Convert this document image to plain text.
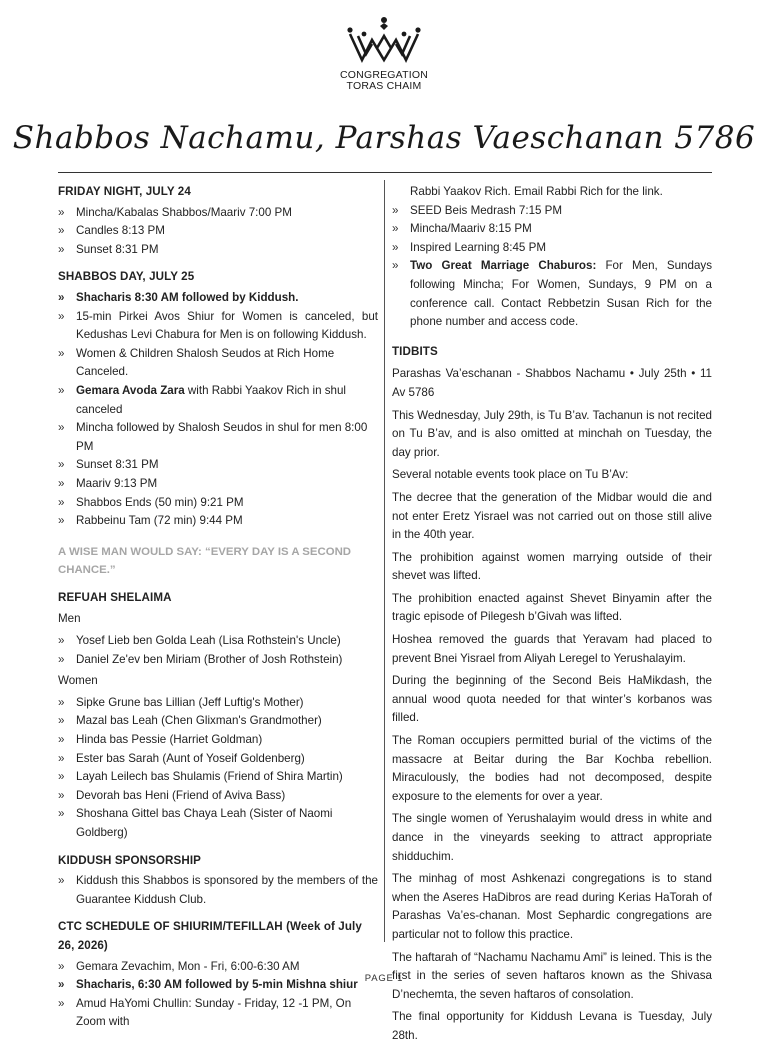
CONGREGATION
TORAS CHAIM
Shabbos Nachamu, Parshas Vaeschanan 5786
FRIDAY NIGHT, JULY 24
» Mincha/Kabalas Shabbos/Maariv 7:00 PM
» Candles 8:13 PM
» Sunset 8:31 PM
SHABBOS DAY, JULY 25
» Shacharis 8:30 AM followed by Kiddush.
» 15-min Pirkei Avos Shiur for Women is canceled, but Kedushas Levi Chabura for Men is on following Kiddush.
» Women & Children Shalosh Seudos at Rich Home Canceled.
» Gemara Avoda Zara with Rabbi Yaakov Rich in shul canceled
» Mincha followed by Shalosh Seudos in shul for men 8:00 PM
» Sunset 8:31 PM
» Maariv 9:13 PM
» Shabbos Ends (50 min) 9:21 PM
» Rabbeinu Tam (72 min) 9:44 PM
A WISE MAN WOULD SAY: “EVERY DAY IS A SECOND CHANCE.”
REFUAH SHELAIMA
Men
» Yosef Lieb ben Golda Leah (Lisa Rothstein's Uncle)
» Daniel Ze'ev ben Miriam (Brother of Josh Rothstein)
Women
» Sipke Grune bas Lillian (Jeff Luftig's Mother)
» Mazal bas Leah (Chen Glixman's Grandmother)
» Hinda bas Pessie (Harriet Goldman)
» Ester bas Sarah (Aunt of Yoseif Goldenberg)
» Layah Leilech bas Shulamis (Friend of Shira Martin)
» Devorah bas Heni (Friend of Aviva Bass)
» Shoshana Gittel bas Chaya Leah (Sister of Naomi Goldberg)
KIDDUSH SPONSORSHIP
» Kiddush this Shabbos is sponsored by the members of the Guarantee Kiddush Club.
CTC SCHEDULE OF SHIURIM/TEFILLAH (Week of July 26, 2026)
» Gemara Zevachim, Mon - Fri, 6:00-6:30 AM
» Shacharis, 6:30 AM followed by 5-min Mishna shiur
» Amud HaYomi Chullin: Sunday - Friday, 12 -1 PM, On Zoom with
Rabbi Yaakov Rich. Email Rabbi Rich for the link.
» SEED Beis Medrash 7:15 PM
» Mincha/Maariv 8:15 PM
» Inspired Learning 8:45 PM
» Two Great Marriage Chaburos: For Men, Sundays following Mincha; For Women, Sundays, 9 PM on a conference call. Contact Rebbetzin Susan Rich for the phone number and access code.
TIDBITS
Parashas Va’eschanan - Shabbos Nachamu • July 25th • 11 Av 5786
This Wednesday, July 29th, is Tu B’av. Tachanun is not recited on Tu B’av, and is also omitted at minchah on Tuesday, the day prior.
Several notable events took place on Tu B’Av:
The decree that the generation of the Midbar would die and not enter Eretz Yisrael was not carried out on those still alive in the 40th year.
The prohibition against women marrying outside of their shevet was lifted.
The prohibition enacted against Shevet Binyamin after the tragic episode of Pilegesh b’Givah was lifted.
Hoshea removed the guards that Yeravam had placed to prevent Bnei Yisrael from Aliyah Leregel to Yerushalayim.
During the beginning of the Second Beis HaMikdash, the annual wood quota needed for that winter’s korbanos was filled.
The Roman occupiers permitted burial of the victims of the massacre at Beitar during the Bar Kochba rebellion. Miraculously, the bodies had not decomposed, despite exposure to the elements for over a year.
The single women of Yerushalayim would dress in white and dance in the vineyards seeking to attract appropriate shidduchim.
The minhag of most Ashkenazi congregations is to stand when the Aseres HaDibros are read during Kerias HaTorah of Parashas Va’es-chanan. Most Sephardic congregations are particular not to follow this practice.
The haftarah of “Nachamu Nachamu Ami” is leined. This is the first in the series of seven haftaros known as the Shivasa D’nechemta, the seven haftaros of consolation.
The final opportunity for Kiddush Levana is Tuesday, July 28th.
PAGE 1
